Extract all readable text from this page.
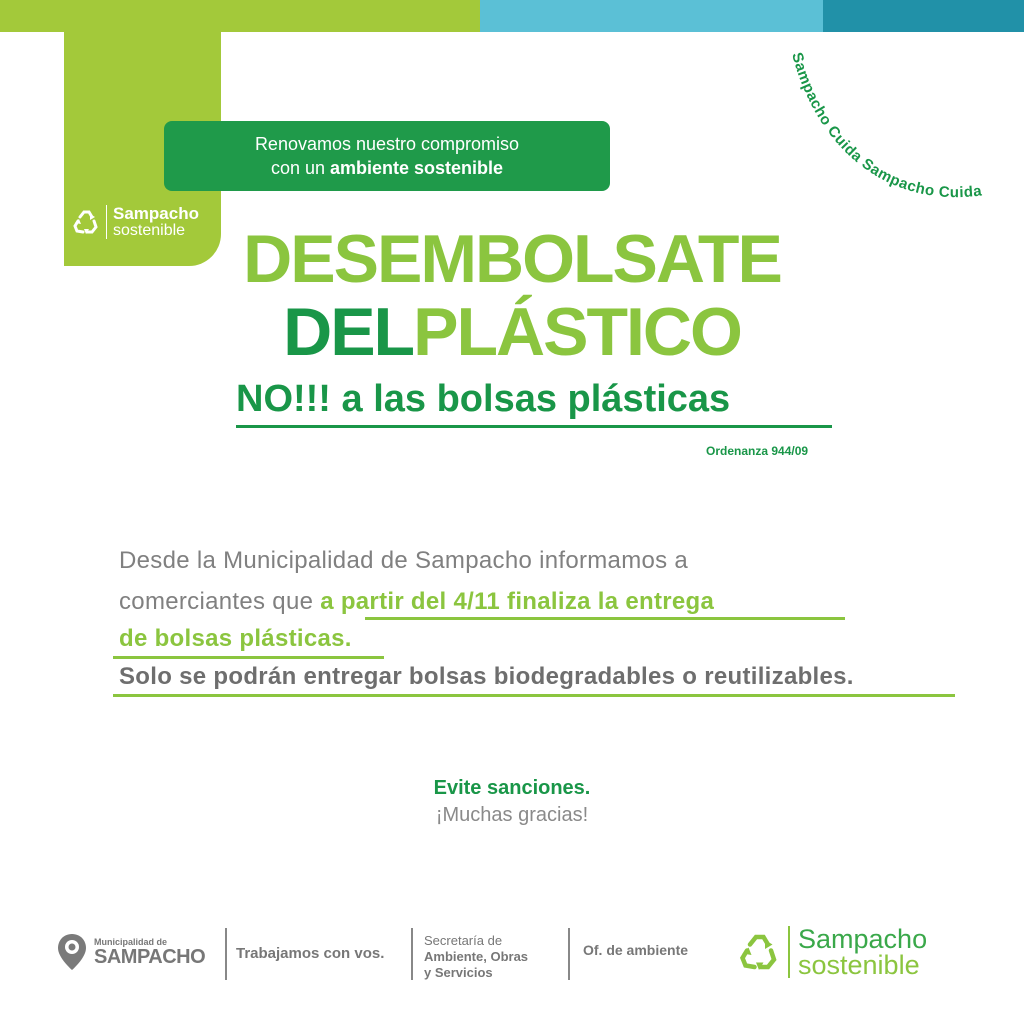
Sampacho
sostenible
Renovamos nuestro compromiso
con un ambiente sostenible
Sampacho Cuida Sampacho Cuida
DESEMBOLSATE
DELPLÁSTICO
NO!!! a las bolsas plásticas
Ordenanza 944/09
Desde la Municipalidad de Sampacho informamos a
comerciantes que a partir del 4/11 finaliza la entrega
de bolsas plásticas.
Solo se podrán entregar bolsas biodegradables o reutilizables.
Evite sanciones.
¡Muchas gracias!
Municipalidad de
SAMPACHO Trabajamos con vos.
Secretaría de
Ambiente, Obras
y Servicios
Of. de ambiente	Sampacho
sostenible
